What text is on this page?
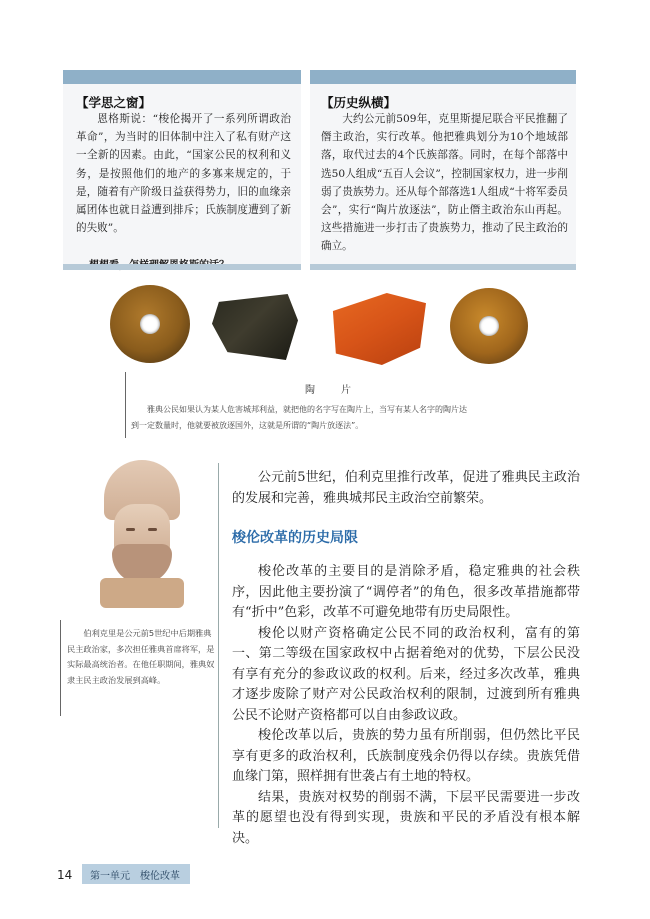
【学思之窗】
恩格斯说：“梭伦揭开了一系列所谓政治革命”，为当时的旧体制中注入了私有财产这一全新的因素。由此，“国家公民的权利和义务，是按照他们的地产的多寡来规定的，于是，随着有产阶级日益获得势力，旧的血缘亲属团体也就日益遭到排斥；氏族制度遭到了新的失败”。
【历史纵横】
大约公元前509年，克里斯提尼联合平民推翻了僭主政治，实行改革。他把雅典划分为10个地域部落，取代过去的4个氏族部落。同时，在每个部落中选50人组成“五百人会议”，控制国家权力，进一步削弱了贵族势力。还从每个部落选1人组成“十将军委员会”，实行“陶片放逐法”，防止僭主政治东山再起。这些措施进一步打击了贵族势力，推动了民主政治的确立。
陶　片
雅典公民如果认为某人危害城邦利益，就把他的名字写在陶片上，当写有某人名字的陶片达到一定数量时，他就要被放逐国外，这就是所谓的“陶片放逐法”。
伯利克里是公元前5世纪中后期雅典民主政治家，多次担任雅典首席将军，是实际最高统治者。在他任职期间，雅典奴隶主民主政治发展到高峰。

公元前5世纪，伯利克里推行改革，促进了雅典民主政治的发展和完善，雅典城邦民主政治空前繁荣。

梭伦改革的历史局限

梭伦改革的主要目的是消除矛盾，稳定雅典的社会秩序，因此他主要扮演了“调停者”的角色，很多改革措施都带有“折中”色彩，改革不可避免地带有历史局限性。

梭伦以财产资格确定公民不同的政治权利，富有的第一、第二等级在国家政权中占据着绝对的优势，下层公民没有享有充分的参政议政的权利。后来，经过多次改革，雅典才逐步废除了财产对公民政治权利的限制，过渡到所有雅典公民不论财产资格都可以自由参政议政。

梭伦改革以后，贵族的势力虽有所削弱，但仍然比平民享有更多的政治权利，氏族制度残余仍得以存续。贵族凭借血缘门第，照样拥有世袭占有土地的特权。

结果，贵族对权势的削弱不满，下层平民需要进一步改革的愿望也没有得到实现，贵族和平民的矛盾没有根本解决。

14 第一单元　梭伦改革
